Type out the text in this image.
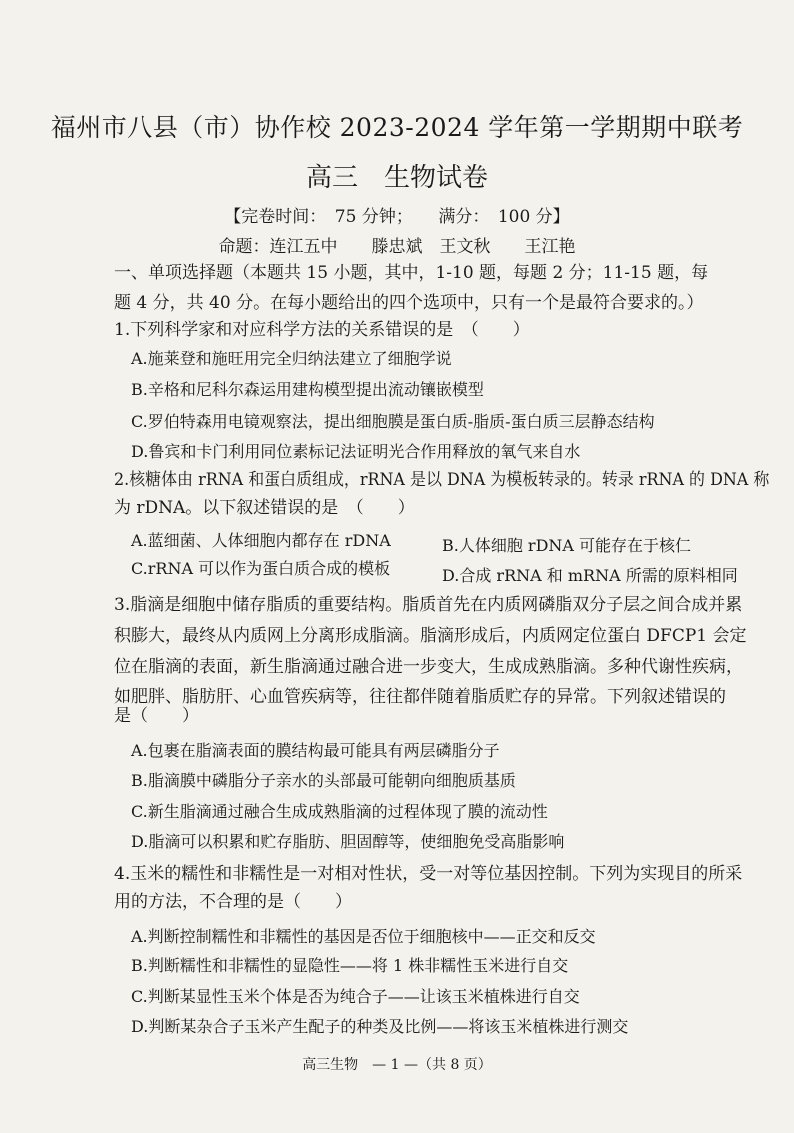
福州市八县（市）协作校 2023-2024 学年第一学期期中联考
高三　生物试卷
【完卷时间：　75 分钟；　　满分：　100 分】
命题：连江五中　　滕忠斌　王文秋　　王江艳
一、单项选择题（本题共 15 小题，其中，1-10 题，每题 2 分；11-15 题，每
题 4 分，共 40 分。在每小题给出的四个选项中，只有一个是最符合要求的。）
1.下列科学家和对应科学方法的关系错误的是　（　　）
A.施莱登和施旺用完全归纳法建立了细胞学说
B.辛格和尼科尔森运用建构模型提出流动镶嵌模型
C.罗伯特森用电镜观察法，提出细胞膜是蛋白质-脂质-蛋白质三层静态结构
D.鲁宾和卡门利用同位素标记法证明光合作用释放的氧气来自水
2.核糖体由 rRNA 和蛋白质组成，rRNA 是以 DNA 为模板转录的。转录 rRNA 的 DNA 称
为 rDNA。以下叙述错误的是　（　　）
A.蓝细菌、人体细胞内都存在 rDNA	B.人体细胞 rDNA 可能存在于核仁
C.rRNA 可以作为蛋白质合成的模板	D.合成 rRNA 和 mRNA 所需的原料相同
3.脂滴是细胞中储存脂质的重要结构。脂质首先在内质网磷脂双分子层之间合成并累
积膨大，最终从内质网上分离形成脂滴。脂滴形成后，内质网定位蛋白 DFCP1 会定
位在脂滴的表面，新生脂滴通过融合进一步变大，生成成熟脂滴。多种代谢性疾病，
如肥胖、脂肪肝、心血管疾病等，往往都伴随着脂质贮存的异常。下列叙述错误的
是（　　）
A.包裹在脂滴表面的膜结构最可能具有两层磷脂分子
B.脂滴膜中磷脂分子亲水的头部最可能朝向细胞质基质
C.新生脂滴通过融合生成成熟脂滴的过程体现了膜的流动性
D.脂滴可以积累和贮存脂肪、胆固醇等，使细胞免受高脂影响
4.玉米的糯性和非糯性是一对相对性状，受一对等位基因控制。下列为实现目的所采
用的方法，不合理的是（　　）
A.判断控制糯性和非糯性的基因是否位于细胞核中——正交和反交
B.判断糯性和非糯性的显隐性——将 1 株非糯性玉米进行自交
C.判断某显性玉米个体是否为纯合子——让该玉米植株进行自交
D.判断某杂合子玉米产生配子的种类及比例——将该玉米植株进行测交
高三生物　— 1 —（共 8 页）
